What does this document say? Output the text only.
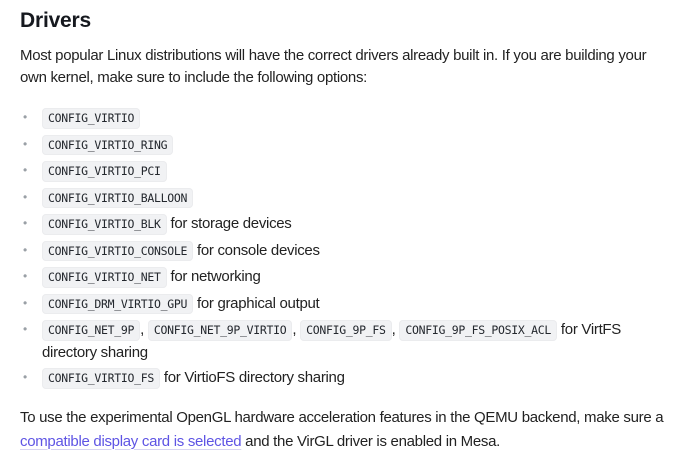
Drivers

Most popular Linux distributions will have the correct drivers already built in. If you are building your own kernel, make sure to include the following options:

• CONFIG_VIRTIO
• CONFIG_VIRTIO_RING
• CONFIG_VIRTIO_PCI
• CONFIG_VIRTIO_BALLOON
• CONFIG_VIRTIO_BLK for storage devices
• CONFIG_VIRTIO_CONSOLE for console devices
• CONFIG_VIRTIO_NET for networking
• CONFIG_DRM_VIRTIO_GPU for graphical output
• CONFIG_NET_9P , CONFIG_NET_9P_VIRTIO , CONFIG_9P_FS , CONFIG_9P_FS_POSIX_ACL for VirtFS directory sharing
• CONFIG_VIRTIO_FS for VirtioFS directory sharing

To use the experimental OpenGL hardware acceleration features in the QEMU backend, make sure a compatible display card is selected and the VirGL driver is enabled in Mesa.
